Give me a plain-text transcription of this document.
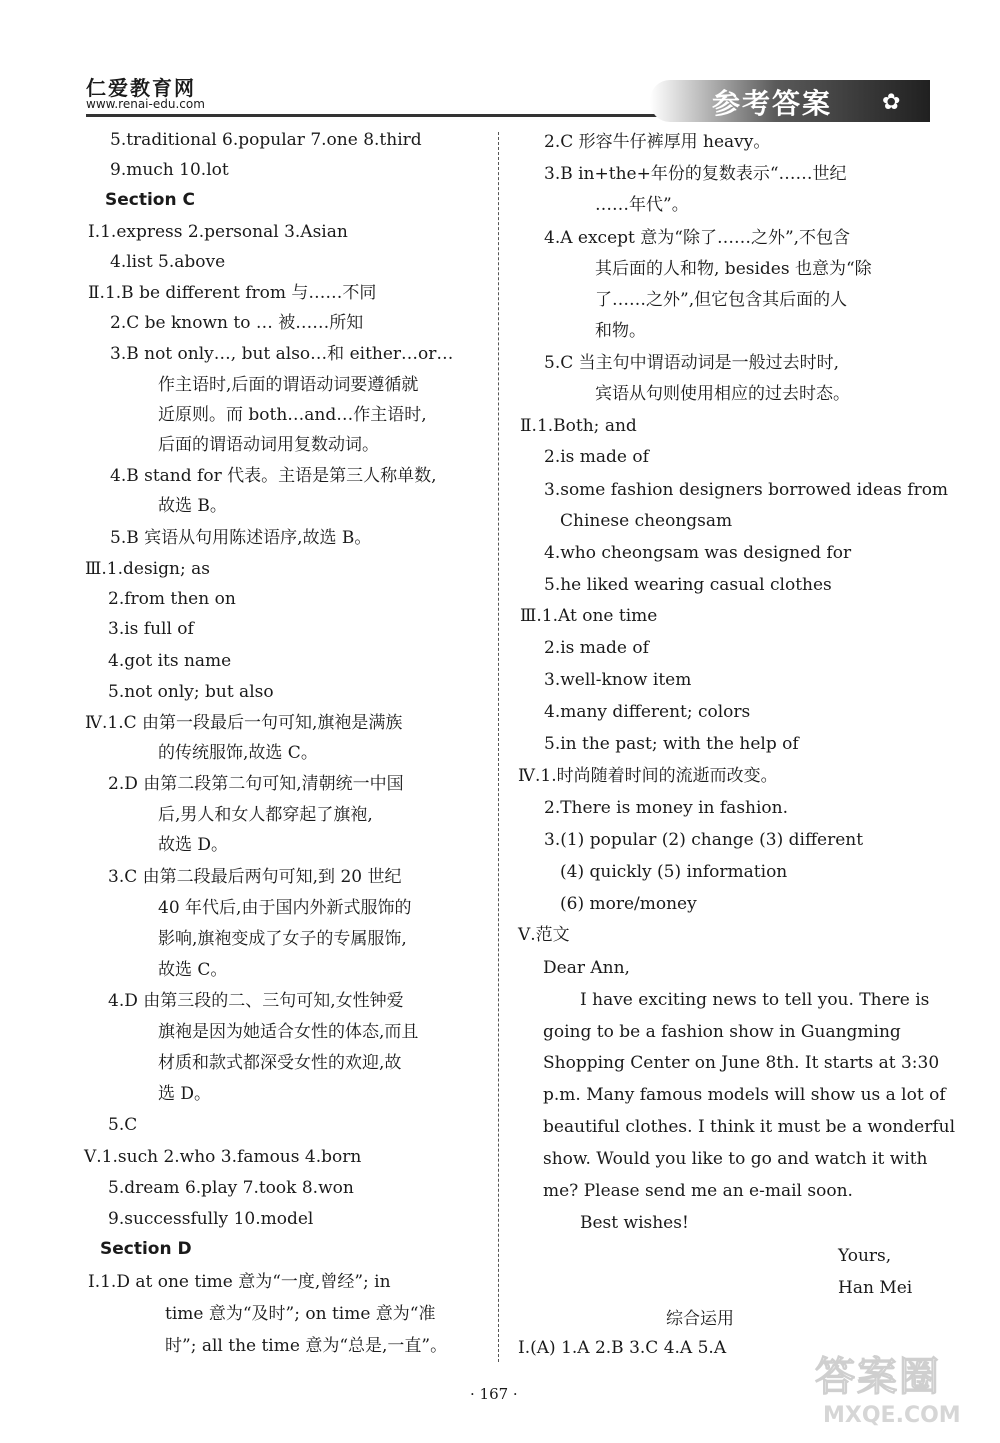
仁爱教育网
www.renai-edu.com	参考答案 ✿
5.traditional 6.popular 7.one 8.third
9.much 10.lot
Section C
Ⅰ.1.express 2.personal 3.Asian
4.list 5.above
Ⅱ.1.B be different from 与……不同
2.C be known to … 被……所知
3.B not only…, but also…和 either…or…
作主语时,后面的谓语动词要遵循就
近原则。而 both…and…作主语时,
后面的谓语动词用复数动词。
4.B stand for 代表。主语是第三人称单数,
故选 B。
5.B 宾语从句用陈述语序,故选 B。
Ⅲ.1.design; as
2.from then on
3.is full of
4.got its name
5.not only; but also
Ⅳ.1.C 由第一段最后一句可知,旗袍是满族
的传统服饰,故选 C。
2.D 由第二段第二句可知,清朝统一中国
后,男人和女人都穿起了旗袍,
故选 D。
3.C 由第二段最后两句可知,到 20 世纪
40 年代后,由于国内外新式服饰的
影响,旗袍变成了女子的专属服饰,
故选 C。
4.D 由第三段的二、三句可知,女性钟爱
旗袍是因为她适合女性的体态,而且
材质和款式都深受女性的欢迎,故
选 D。
5.C
Ⅴ.1.such 2.who 3.famous 4.born
5.dream 6.play 7.took 8.won
9.successfully 10.model
Section D
Ⅰ.1.D at one time 意为“一度,曾经”; in
time 意为“及时”; on time 意为“准
时”; all the time 意为“总是,一直”。
2.C 形容牛仔裤厚用 heavy。
3.B in+the+年份的复数表示“……世纪
……年代”。
4.A except 意为“除了……之外”,不包含
其后面的人和物, besides 也意为“除
了……之外”,但它包含其后面的人
和物。
5.C 当主句中谓语动词是一般过去时时,
宾语从句则使用相应的过去时态。
Ⅱ.1.Both; and
2.is made of
3.some fashion designers borrowed ideas from
Chinese cheongsam
4.who cheongsam was designed for
5.he liked wearing casual clothes
Ⅲ.1.At one time
2.is made of
3.well-know item
4.many different; colors
5.in the past; with the help of
Ⅳ.1.时尚随着时间的流逝而改变。
2.There is money in fashion.
3.(1) popular (2) change (3) different
(4) quickly (5) information
(6) more/money
Ⅴ.范文
Dear Ann,
I have exciting news to tell you. There is
going to be a fashion show in Guangming
Shopping Center on June 8th. It starts at 3:30
p.m. Many famous models will show us a lot of
beautiful clothes. I think it must be a wonderful
show. Would you like to go and watch it with
me? Please send me an e-mail soon.
Best wishes!
Yours,
Han Mei
综合运用
Ⅰ.(A) 1.A 2.B 3.C 4.A 5.A
· 167 ·	答案圈
MXQE.COM
